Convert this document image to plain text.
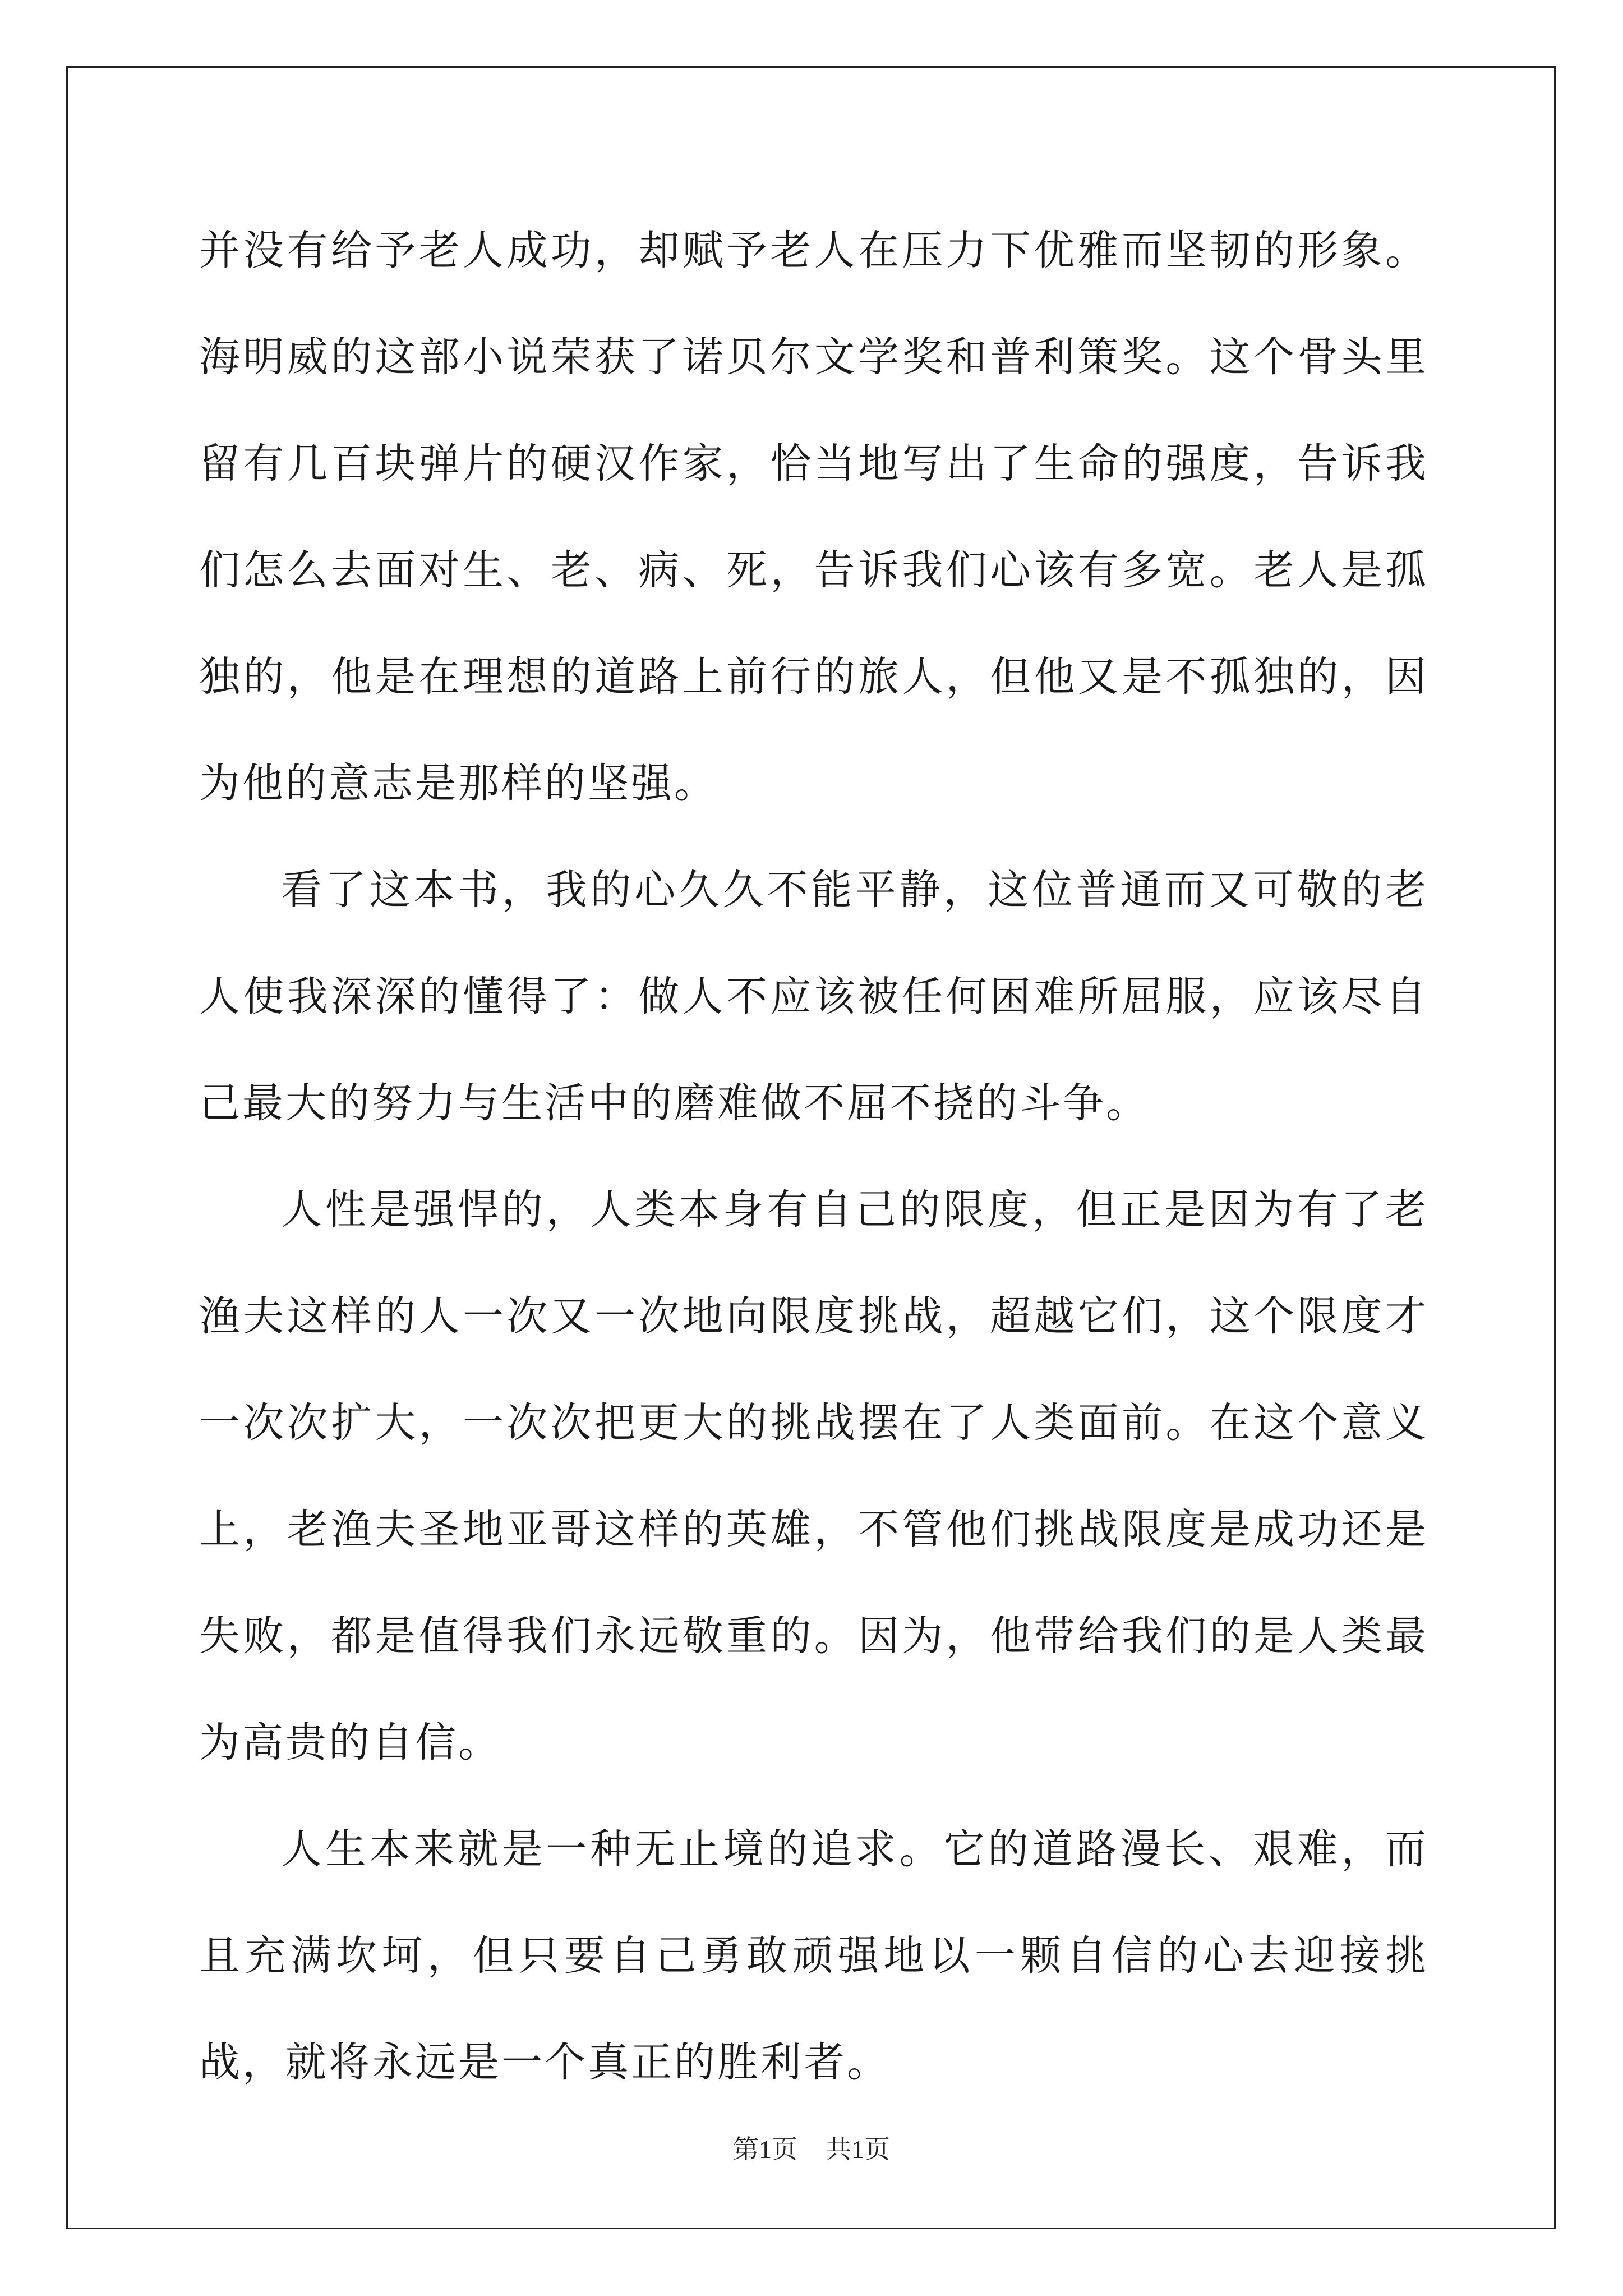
并没有给予老人成功，却赋予老人在压力下优雅而坚韧的形象。海明威的这部小说荣获了诺贝尔文学奖和普利策奖。这个骨头里留有几百块弹片的硬汉作家，恰当地写出了生命的强度，告诉我们怎么去面对生、老、病、死，告诉我们心该有多宽。老人是孤独的，他是在理想的道路上前行的旅人，但他又是不孤独的，因为他的意志是那样的坚强。

看了这本书，我的心久久不能平静，这位普通而又可敬的老人使我深深的懂得了：做人不应该被任何困难所屈服，应该尽自己最大的努力与生活中的磨难做不屈不挠的斗争。

人性是强悍的，人类本身有自己的限度，但正是因为有了老渔夫这样的人一次又一次地向限度挑战，超越它们，这个限度才一次次扩大，一次次把更大的挑战摆在了人类面前。在这个意义上，老渔夫圣地亚哥这样的英雄，不管他们挑战限度是成功还是失败，都是值得我们永远敬重的。因为，他带给我们的是人类最为高贵的自信。

人生本来就是一种无止境的追求。它的道路漫长、艰难，而且充满坎坷，但只要自己勇敢顽强地以一颗自信的心去迎接挑战，就将永远是一个真正的胜利者。

第1页 共1页
